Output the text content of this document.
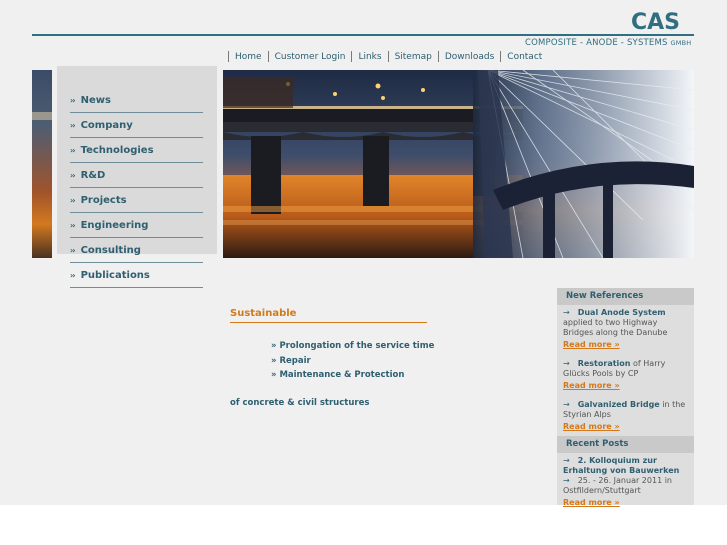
CAS
COMPOSITE - ANODE - SYSTEMS GMBH
Home Customer Login Links Sitemap Downloads Contact
›› News
›› Company
›› Technologies
›› R&D
›› Projects
›› Engineering
›› Consulting
›› Publications
Sustainable
» Prolongation of the service time
» Repair
» Maintenance & Protection
of concrete & civil structures
New References
→ Dual Anode System applied to two Highway Bridges along the Danube
Read more »
→ Restoration of Harry Glücks Pools by CP
Read more »
→ Galvanized Bridge in the Styrian Alps
Read more »
Recent Posts
→ 2. Kolloquium zur Erhaltung von Bauwerken
→ 25. - 26. Januar 2011 in Ostfildern/Stuttgart
Read more »
